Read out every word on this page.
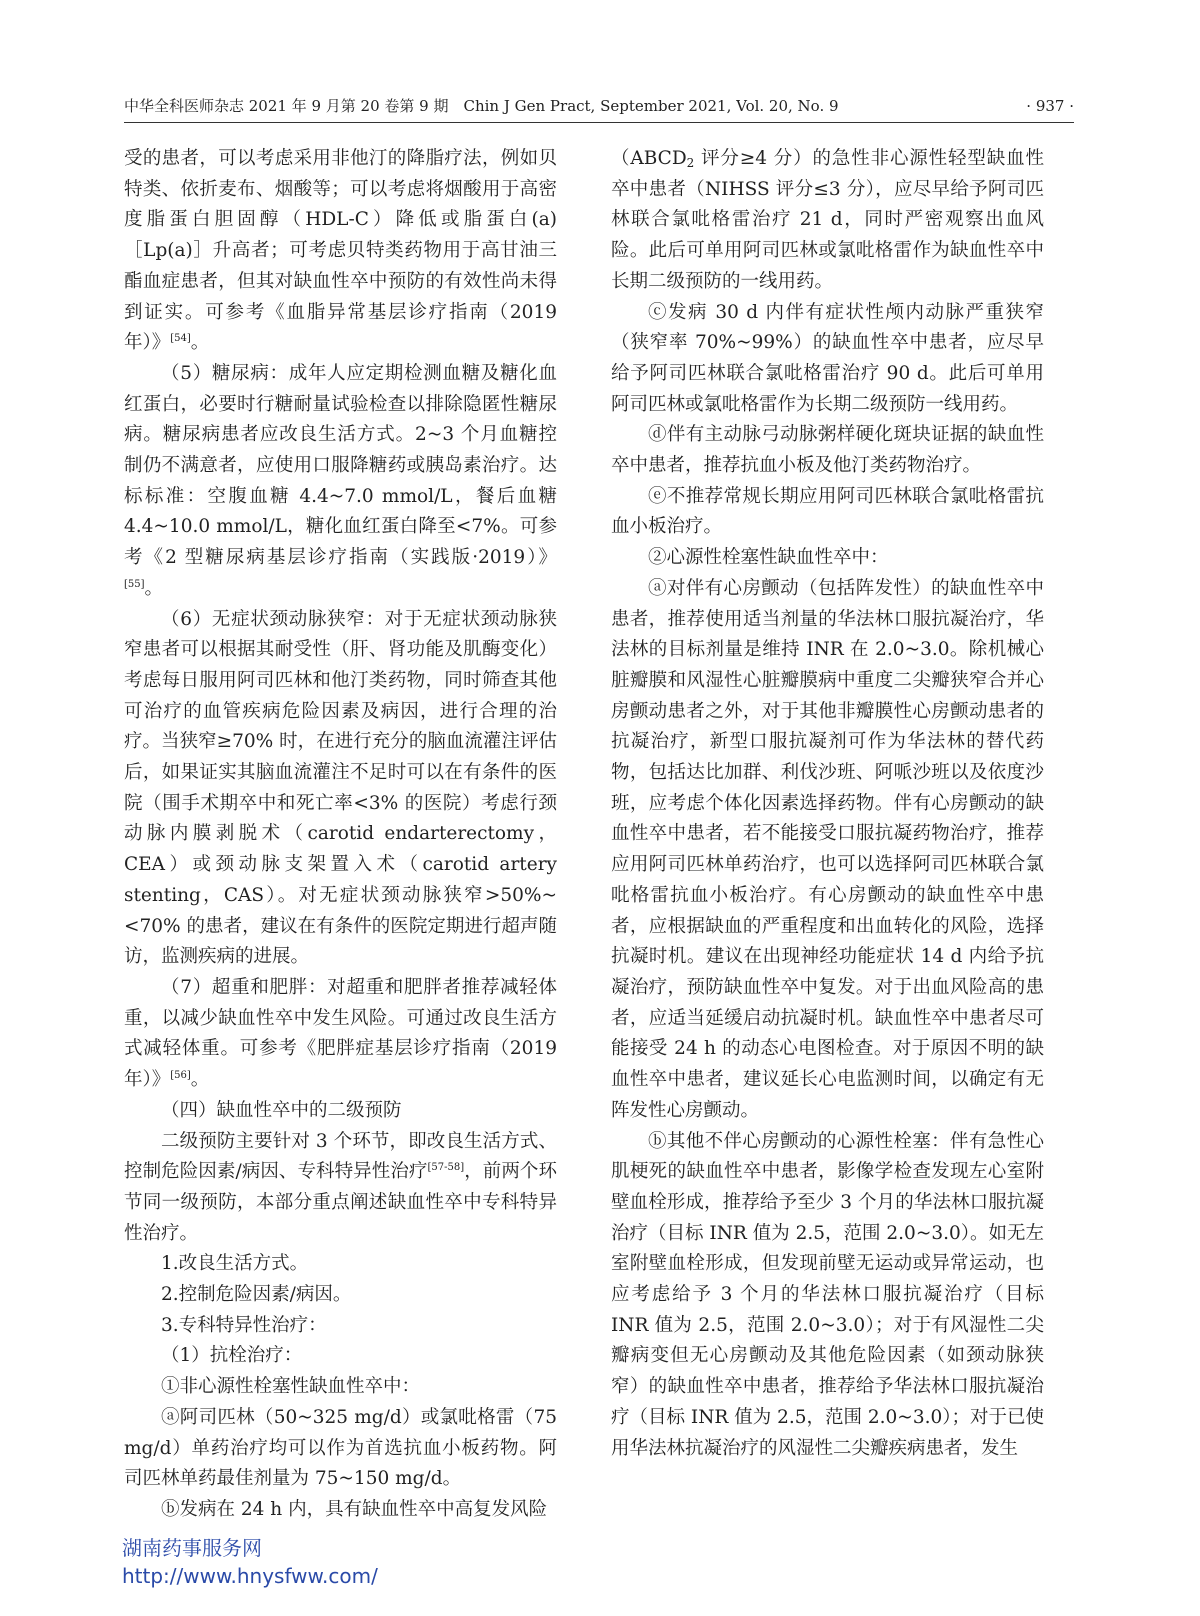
中华全科医师杂志 2021 年 9 月第 20 卷第 9 期　Chin J Gen Pract, September 2021, Vol. 20, No. 9	· 937 ·

受的患者，可以考虑采用非他汀的降脂疗法，例如贝特类、依折麦布、烟酸等；可以考虑将烟酸用于高密度脂蛋白胆固醇（HDL-C）降低或脂蛋白(a)［Lp(a)］升高者；可考虑贝特类药物用于高甘油三酯血症患者，但其对缺血性卒中预防的有效性尚未得到证实。可参考《血脂异常基层诊疗指南（2019年）》[54]。

（5）糖尿病：成年人应定期检测血糖及糖化血红蛋白，必要时行糖耐量试验检查以排除隐匿性糖尿病。糖尿病患者应改良生活方式。2~3 个月血糖控制仍不满意者，应使用口服降糖药或胰岛素治疗。达标标准：空腹血糖 4.4~7.0 mmol/L，餐后血糖 4.4~10.0 mmol/L，糖化血红蛋白降至<7%。可参考《2 型糖尿病基层诊疗指南（实践版·2019）》[55]。

（6）无症状颈动脉狭窄：对于无症状颈动脉狭窄患者可以根据其耐受性（肝、肾功能及肌酶变化）考虑每日服用阿司匹林和他汀类药物，同时筛查其他可治疗的血管疾病危险因素及病因，进行合理的治疗。当狭窄≥70% 时，在进行充分的脑血流灌注评估后，如果证实其脑血流灌注不足时可以在有条件的医院（围手术期卒中和死亡率<3% 的医院）考虑行颈动脉内膜剥脱术（carotid endarterectomy，CEA）或颈动脉支架置入术（carotid artery stenting，CAS）。对无症状颈动脉狭窄>50%~<70% 的患者，建议在有条件的医院定期进行超声随访，监测疾病的进展。

（7）超重和肥胖：对超重和肥胖者推荐减轻体重，以减少缺血性卒中发生风险。可通过改良生活方式减轻体重。可参考《肥胖症基层诊疗指南（2019年）》[56]。

（四）缺血性卒中的二级预防

二级预防主要针对 3 个环节，即改良生活方式、控制危险因素/病因、专科特异性治疗[57-58]，前两个环节同一级预防，本部分重点阐述缺血性卒中专科特异性治疗。

1.改良生活方式。

2.控制危险因素/病因。

3.专科特异性治疗：

（1）抗栓治疗：

①非心源性栓塞性缺血性卒中：

ⓐ阿司匹林（50~325 mg/d）或氯吡格雷（75 mg/d）单药治疗均可以作为首选抗血小板药物。阿司匹林单药最佳剂量为 75~150 mg/d。

ⓑ发病在 24 h 内，具有缺血性卒中高复发风险

（$ABCD_2$ 评分≥4 分）的急性非心源性轻型缺血性卒中患者（NIHSS 评分≤3 分），应尽早给予阿司匹林联合氯吡格雷治疗 21 d，同时严密观察出血风险。此后可单用阿司匹林或氯吡格雷作为缺血性卒中长期二级预防的一线用药。

ⓒ发病 30 d 内伴有症状性颅内动脉严重狭窄（狭窄率 70%~99%）的缺血性卒中患者，应尽早给予阿司匹林联合氯吡格雷治疗 90 d。此后可单用阿司匹林或氯吡格雷作为长期二级预防一线用药。

ⓓ伴有主动脉弓动脉粥样硬化斑块证据的缺血性卒中患者，推荐抗血小板及他汀类药物治疗。

ⓔ不推荐常规长期应用阿司匹林联合氯吡格雷抗血小板治疗。

②心源性栓塞性缺血性卒中：

ⓐ对伴有心房颤动（包括阵发性）的缺血性卒中患者，推荐使用适当剂量的华法林口服抗凝治疗，华法林的目标剂量是维持 INR 在 2.0~3.0。除机械心脏瓣膜和风湿性心脏瓣膜病中重度二尖瓣狭窄合并心房颤动患者之外，对于其他非瓣膜性心房颤动患者的抗凝治疗，新型口服抗凝剂可作为华法林的替代药物，包括达比加群、利伐沙班、阿哌沙班以及依度沙班，应考虑个体化因素选择药物。伴有心房颤动的缺血性卒中患者，若不能接受口服抗凝药物治疗，推荐应用阿司匹林单药治疗，也可以选择阿司匹林联合氯吡格雷抗血小板治疗。有心房颤动的缺血性卒中患者，应根据缺血的严重程度和出血转化的风险，选择抗凝时机。建议在出现神经功能症状 14 d 内给予抗凝治疗，预防缺血性卒中复发。对于出血风险高的患者，应适当延缓启动抗凝时机。缺血性卒中患者尽可能接受 24 h 的动态心电图检查。对于原因不明的缺血性卒中患者，建议延长心电监测时间，以确定有无阵发性心房颤动。

ⓑ其他不伴心房颤动的心源性栓塞：伴有急性心肌梗死的缺血性卒中患者，影像学检查发现左心室附壁血栓形成，推荐给予至少 3 个月的华法林口服抗凝治疗（目标 INR 值为 2.5，范围 2.0~3.0）。如无左室附壁血栓形成，但发现前壁无运动或异常运动，也应考虑给予 3 个月的华法林口服抗凝治疗（目标 INR 值为 2.5，范围 2.0~3.0）；对于有风湿性二尖瓣病变但无心房颤动及其他危险因素（如颈动脉狭窄）的缺血性卒中患者，推荐给予华法林口服抗凝治疗（目标 INR 值为 2.5，范围 2.0~3.0）；对于已使用华法林抗凝治疗的风湿性二尖瓣疾病患者，发生

湖南药事服务网
http://www.hnysfww.com/
